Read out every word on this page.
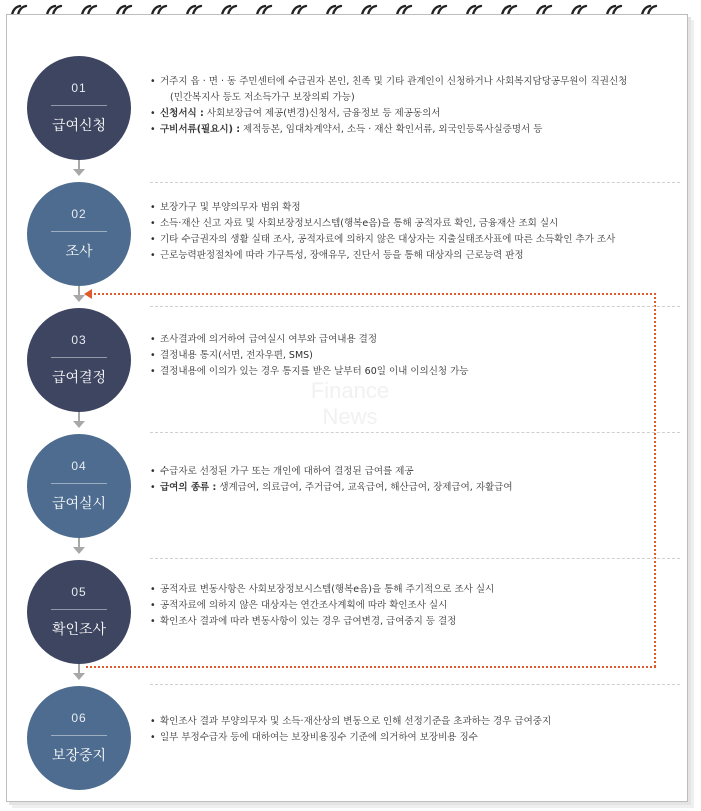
Finance
News
01
급여신청
• 거주지 읍 · 면 · 동 주민센터에 수급권자 본인, 친족 및 기타 관계인이 신청하거나 사회복지담당공무원이 직권신청
(민간복지사 등도 저소득가구 보장의뢰 가능)
• 신청서식 : 사회보장급여 제공(변경)신청서, 금융정보 등 제공동의서
• 구비서류(필요시) : 제적등본, 임대차계약서, 소득 · 재산 확인서류, 외국인등록사실증명서 등
02
조사
• 보장가구 및 부양의무자 범위 확정
• 소득·재산 신고 자료 및 사회보장정보시스템(행복e음)을 통해 공적자료 확인, 금융재산 조회 실시
• 기타 수급권자의 생활 실태 조사, 공적자료에 의하지 않은 대상자는 지출실태조사표에 따른 소득확인 추가 조사
• 근로능력판정절차에 따라 가구특성, 장애유무, 진단서 등을 통해 대상자의 근로능력 판정
03
급여결정
• 조사결과에 의거하여 급여실시 여부와 급여내용 결정
• 결정내용 통지(서면, 전자우편, SMS)
• 결정내용에 이의가 있는 경우 통지를 받은 날부터 60일 이내 이의신청 가능
04
급여실시
• 수급자로 선정된 가구 또는 개인에 대하여 결정된 급여를 제공
• 급여의 종류 : 생계급여, 의료급여, 주거급여, 교육급여, 해산급여, 장제급여, 자활급여
05
확인조사
• 공적자료 변동사항은 사회보장정보시스템(행복e음)을 통해 주기적으로 조사 실시
• 공적자료에 의하지 않은 대상자는 연간조사계획에 따라 확인조사 실시
• 확인조사 결과에 따라 변동사항이 있는 경우 급여변경, 급여중지 등 결정
06
보장중지
• 확인조사 결과 부양의무자 및 소득·재산상의 변동으로 인해 선정기준을 초과하는 경우 급여중지
• 일부 부정수급자 등에 대하여는 보장비용징수 기준에 의거하여 보장비용 징수
